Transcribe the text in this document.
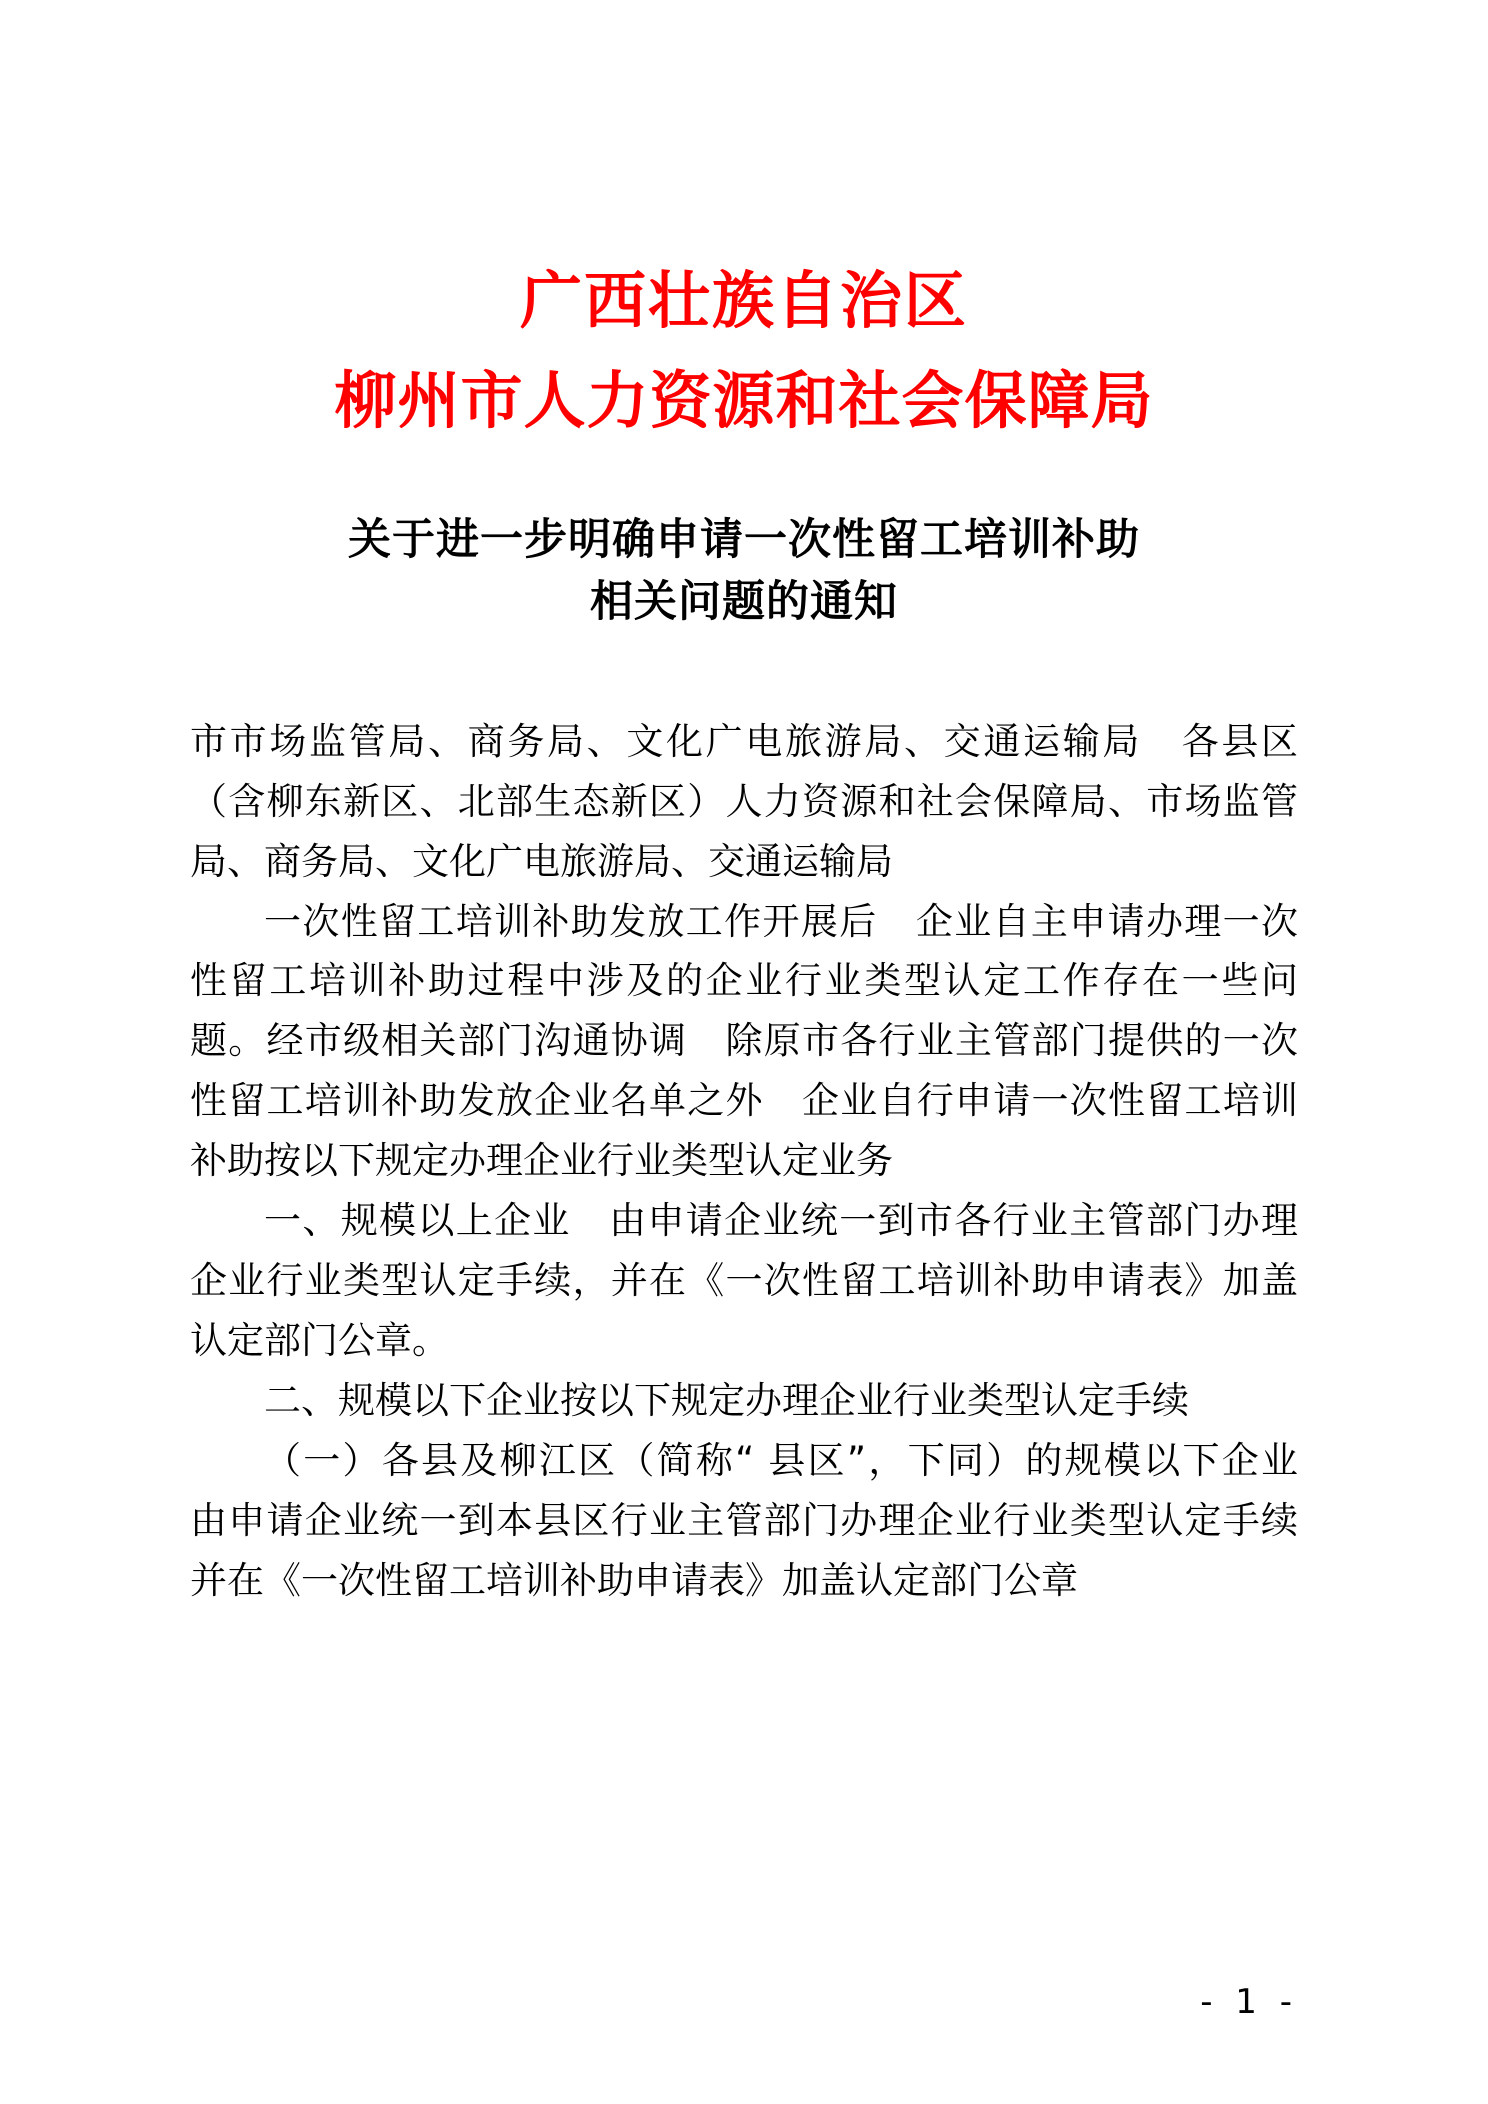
广西壮族自治区
柳州市人力资源和社会保障局
关于进一步明确申请一次性留工培训补助
相关问题的通知

市市场监管局、商务局、文化广电旅游局、交通运输局　各县区（含柳东新区、北部生态新区）人力资源和社会保障局、市场监管局、商务局、文化广电旅游局、交通运输局

一次性留工培训补助发放工作开展后　企业自主申请办理一次性留工培训补助过程中涉及的企业行业类型认定工作存在一些问题。经市级相关部门沟通协调　除原市各行业主管部门提供的一次性留工培训补助发放企业名单之外　企业自行申请一次性留工培训补助按以下规定办理企业行业类型认定业务

一、规模以上企业　由申请企业统一到市各行业主管部门办理企业行业类型认定手续，并在《一次性留工培训补助申请表》加盖认定部门公章。

二、规模以下企业按以下规定办理企业行业类型认定手续

（一）各县及柳江区（简称“ 县区”，下同）的规模以下企业　由申请企业统一到本县区行业主管部门办理企业行业类型认定手续　并在《一次性留工培训补助申请表》加盖认定部门公章

- 1 -
